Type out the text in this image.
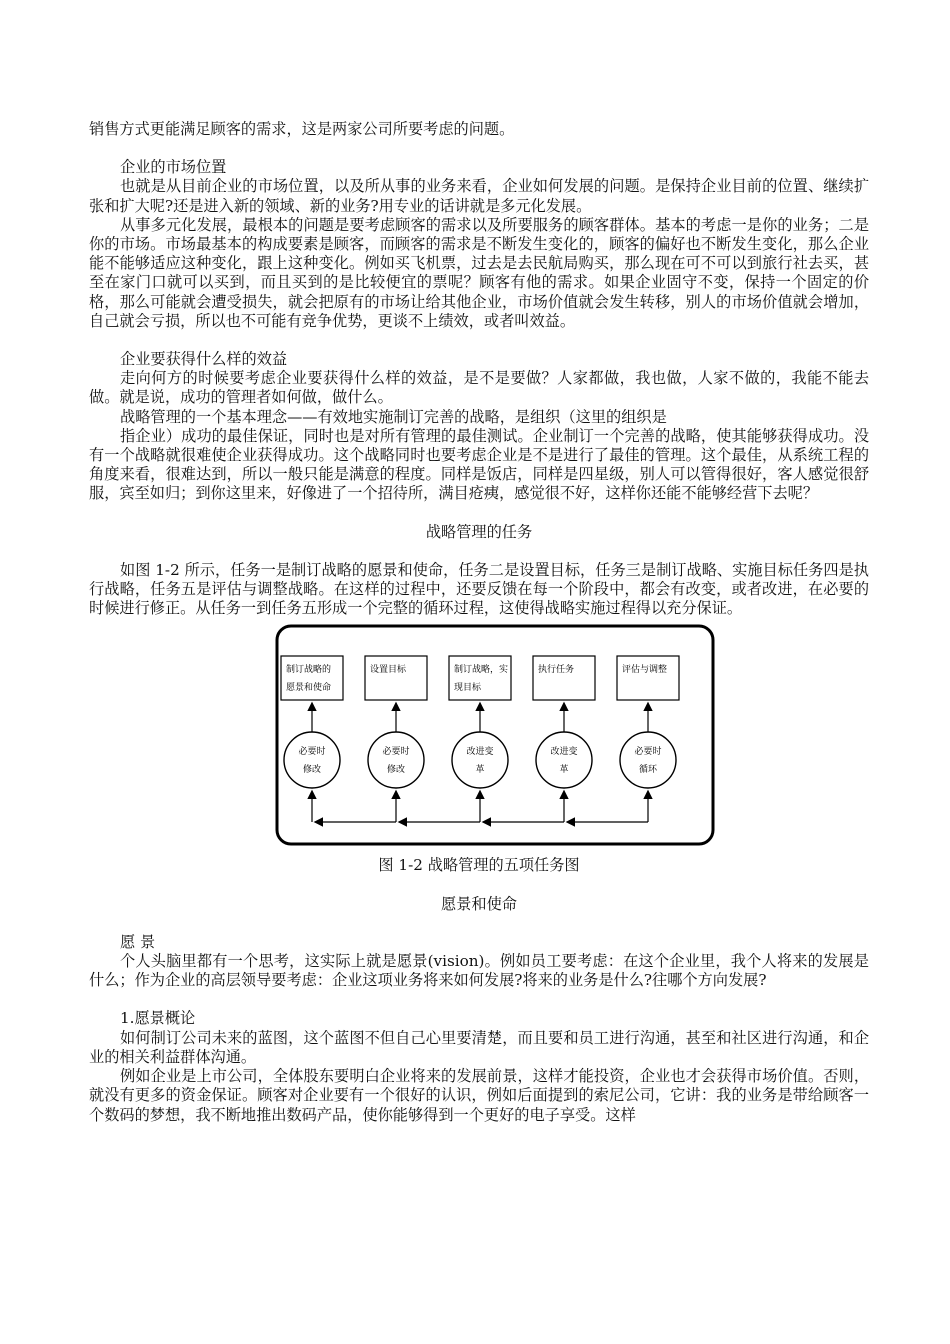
销售方式更能满足顾客的需求，这是两家公司所要考虑的问题。

企业的市场位置

也就是从目前企业的市场位置，以及所从事的业务来看，企业如何发展的问题。是保持企业目前的位置、继续扩张和扩大呢?还是进入新的领域、新的业务?用专业的话讲就是多元化发展。

从事多元化发展，最根本的问题是要考虑顾客的需求以及所要服务的顾客群体。基本的考虑一是你的业务；二是你的市场。市场最基本的构成要素是顾客，而顾客的需求是不断发生变化的，顾客的偏好也不断发生变化，那么企业能不能够适应这种变化，跟上这种变化。例如买飞机票，过去是去民航局购买，那么现在可不可以到旅行社去买，甚至在家门口就可以买到，而且买到的是比较便宜的票呢？顾客有他的需求。如果企业固守不变，保持一个固定的价格，那么可能就会遭受损失，就会把原有的市场让给其他企业，市场价值就会发生转移，别人的市场价值就会增加，自己就会亏损，所以也不可能有竞争优势，更谈不上绩效，或者叫效益。

企业要获得什么样的效益

走向何方的时候要考虑企业要获得什么样的效益，是不是要做？人家都做，我也做，人家不做的，我能不能去做。就是说，成功的管理者如何做，做什么。

战略管理的一个基本理念——有效地实施制订完善的战略，是组织（这里的组织是

指企业）成功的最佳保证，同时也是对所有管理的最佳测试。企业制订一个完善的战略，使其能够获得成功。没有一个战略就很难使企业获得成功。这个战略同时也要考虑企业是不是进行了最佳的管理。这个最佳，从系统工程的角度来看，很难达到，所以一般只能是满意的程度。同样是饭店，同样是四星级，别人可以管得很好，客人感觉很舒服，宾至如归；到你这里来，好像进了一个招待所，满目疮痍，感觉很不好，这样你还能不能够经营下去呢？

战略管理的任务

如图 1-2 所示，任务一是制订战略的愿景和使命，任务二是设置目标，任务三是制订战略、实施目标任务四是执行战略，任务五是评估与调整战略。在这样的过程中，还要反馈在每一个阶段中，都会有改变，或者改进，在必要的时候进行修正。从任务一到任务五形成一个完整的循环过程，这使得战略实施过程得以充分保证。

制订战略的
愿景和使命
设置目标	制订战略，实
现目标
执行任务	评估与调整
必要时
修改
必要时
修改
改进变
革
改进变
革
必要时
循环
图 1-2 战略管理的五项任务图

愿景和使命

愿 景

个人头脑里都有一个思考，这实际上就是愿景(vision)。例如员工要考虑：在这个企业里，我个人将来的发展是什么；作为企业的高层领导要考虑：企业这项业务将来如何发展?将来的业务是什么?往哪个方向发展?

1.愿景概论

如何制订公司未来的蓝图，这个蓝图不但自己心里要清楚，而且要和员工进行沟通，甚至和社区进行沟通，和企业的相关利益群体沟通。

例如企业是上市公司，全体股东要明白企业将来的发展前景，这样才能投资，企业也才会获得市场价值。否则，就没有更多的资金保证。顾客对企业要有一个很好的认识，例如后面提到的索尼公司，它讲：我的业务是带给顾客一个数码的梦想，我不断地推出数码产品，使你能够得到一个更好的电子享受。这样
